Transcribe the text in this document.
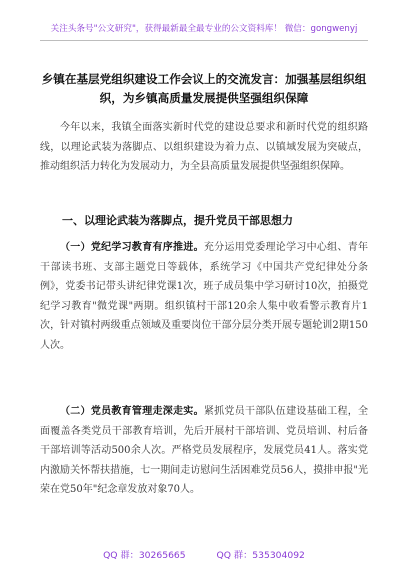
关注头条号"公文研究"，获得最新最全最专业的公文资料库！ 微信：gongwenyj
乡镇在基层党组织建设工作会议上的交流发言：加强基层组织组织，为乡镇高质量发展提供坚强组织保障
今年以来，我镇全面落实新时代党的建设总要求和新时代党的组织路线，以理论武装为落脚点、以组织建设为着力点、以镇域发展为突破点，推动组织活力转化为发展动力，为全县高质量发展提供坚强组织保障。
一、以理论武装为落脚点，提升党员干部思想力
（一）党纪学习教育有序推进。充分运用党委理论学习中心组、青年干部读书班、支部主题党日等载体，系统学习《中国共产党纪律处分条例》，党委书记带头讲纪律党课1次，班子成员集中学习研讨10次，拍摄党纪学习教育"微党课"两期。组织镇村干部120余人集中收看警示教育片1次，针对镇村两级重点领域及重要岗位干部分层分类开展专题轮训2期150人次。
（二）党员教育管理走深走实。紧抓党员干部队伍建设基础工程，全面覆盖各类党员干部教育培训，先后开展村干部培训、党员培训、村后备干部培训等活动500余人次。严格党员发展程序，发展党员41人。落实党内激励关怀帮扶措施，七一期间走访慰问生活困难党员56人，摸排申报"光荣在党50年"纪念章发放对象70人。
QQ 群：30265665	QQ 群：535304092
